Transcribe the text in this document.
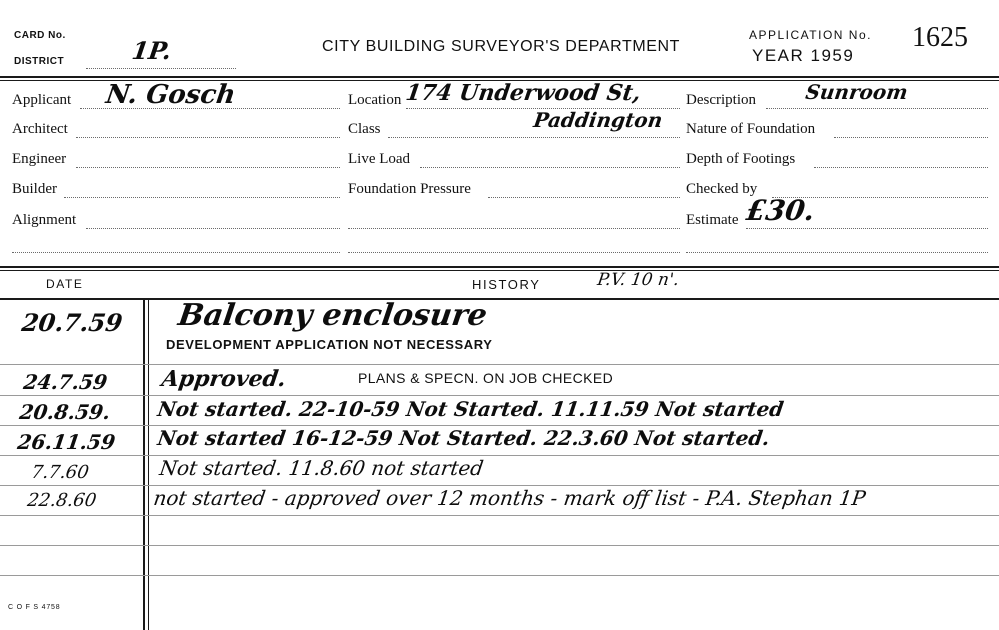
CARD No.
DISTRICT	1P.	CITY BUILDING SURVEYOR'S DEPARTMENT
APPLICATION No. 1625
YEAR 1959
Applicant N. Gosch
Architect
Engineer
Builder
Alignment
Location 174 Underwood St,
Class	Paddington
Live Load
Foundation Pressure
Description Sunroom
Nature of Foundation
Depth of Footings
Checked by
Estimate £30.
DATE	HISTORY	P.V. 10 n'.
20.7.59 Balcony enclosure
DEVELOPMENT APPLICATION NOT NECESSARY
24.7.59 Approved.	PLANS & SPECN. ON JOB CHECKED
20.8.59. Not started. 22-10-59 Not Started. 11.11.59 Not started
26.11.59 Not started 16-12-59 Not Started. 22.3.60 Not started.
7.7.60	Not started. 11.8.60 not started
22.8.60	not started - approved over 12 months - mark off list - P.A. Stephan 1P
C O F S 4758
